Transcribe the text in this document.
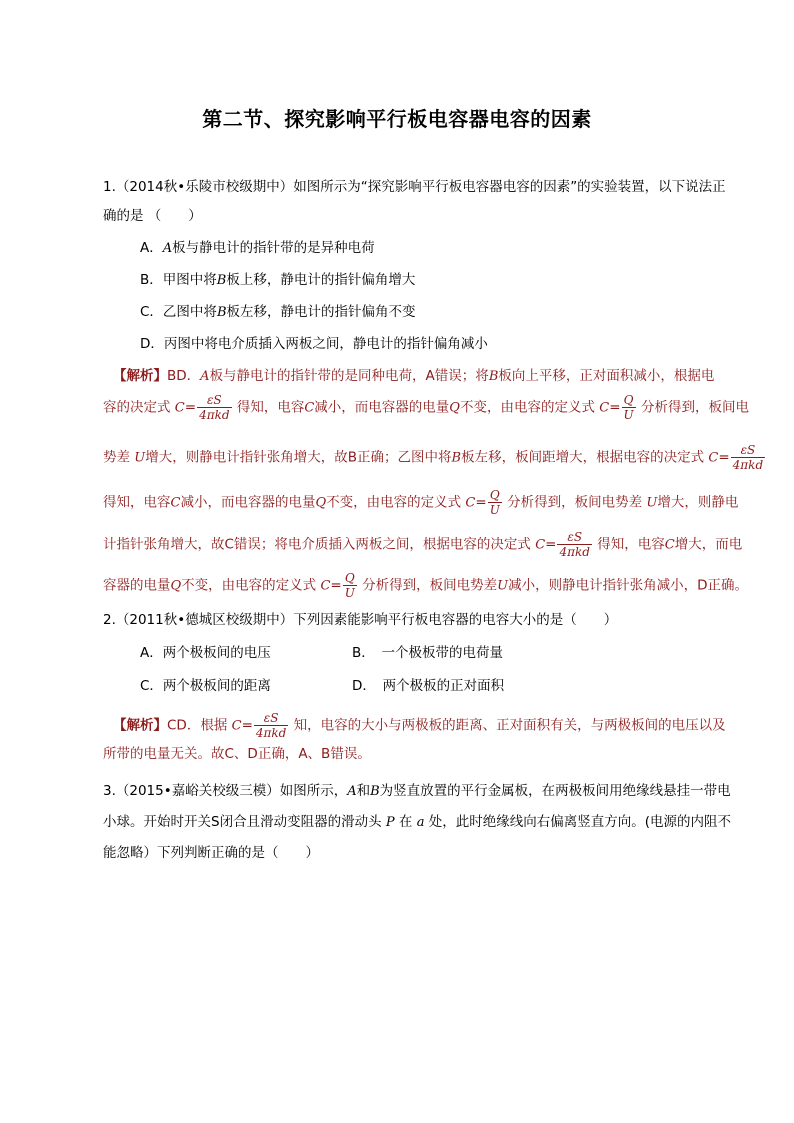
第二节、探究影响平行板电容器电容的因素
1.（2014秋•乐陵市校级期中）如图所示为“探究影响平行板电容器电容的因素”的实验装置，以下说法正
确的是 （　　）
A．A板与静电计的指针带的是异种电荷
B．甲图中将B板上移，静电计的指针偏角增大
C．乙图中将B板左移，静电计的指针偏角不变
D．丙图中将电介质插入两板之间，静电计的指针偏角减小
【解析】BD．A板与静电计的指针带的是同种电荷，A错误；将B板向上平移，正对面积减小，根据电
容的决定式 $C= \frac{\varepsilon S}{\text{4πkd}}$ 得知，电容C减小，而电容器的电量Q不变，由电容的定义式 $C= \frac{Q}{U}$ 分析得到，板间电
势差 U增大，则静电计指针张角增大，故B正确；乙图中将B板左移，板间距增大，根据电容的决定式 $C= \frac{\varepsilon S}{\text{4πkd}}$
得知，电容C减小，而电容器的电量Q不变，由电容的定义式 $C= \frac{Q}{U}$ 分析得到，板间电势差 U增大，则静电
计指针张角增大，故C错误；将电介质插入两板之间，根据电容的决定式 $C= \frac{\varepsilon S}{\text{4πkd}}$ 得知，电容C增大，而电
容器的电量Q不变，由电容的定义式 $C= \frac{Q}{U}$ 分析得到，板间电势差U减小，则静电计指针张角减小，D正确。
2.（2011秋•德城区校级期中）下列因素能影响平行板电容器的电容大小的是（　　）
A．两个极板间的电压	B．　一个极板带的电荷量
C．两个极板间的距离	D．　两个极板的正对面积
【解析】CD．根据 $C= \frac{\varepsilon S}{\text{4πkd}}$ 知，电容的大小与两极板的距离、正对面积有关，与两极板间的电压以及
所带的电量无关。故C、D正确，A、B错误。
3.（2015•嘉峪关校级三模）如图所示，A和B为竖直放置的平行金属板，在两极板间用绝缘线悬挂一带电
小球。开始时开关S闭合且滑动变阻器的滑动头 P 在 a 处，此时绝缘线向右偏离竖直方向。(电源的内阻不
能忽略）下列判断正确的是（　　）
